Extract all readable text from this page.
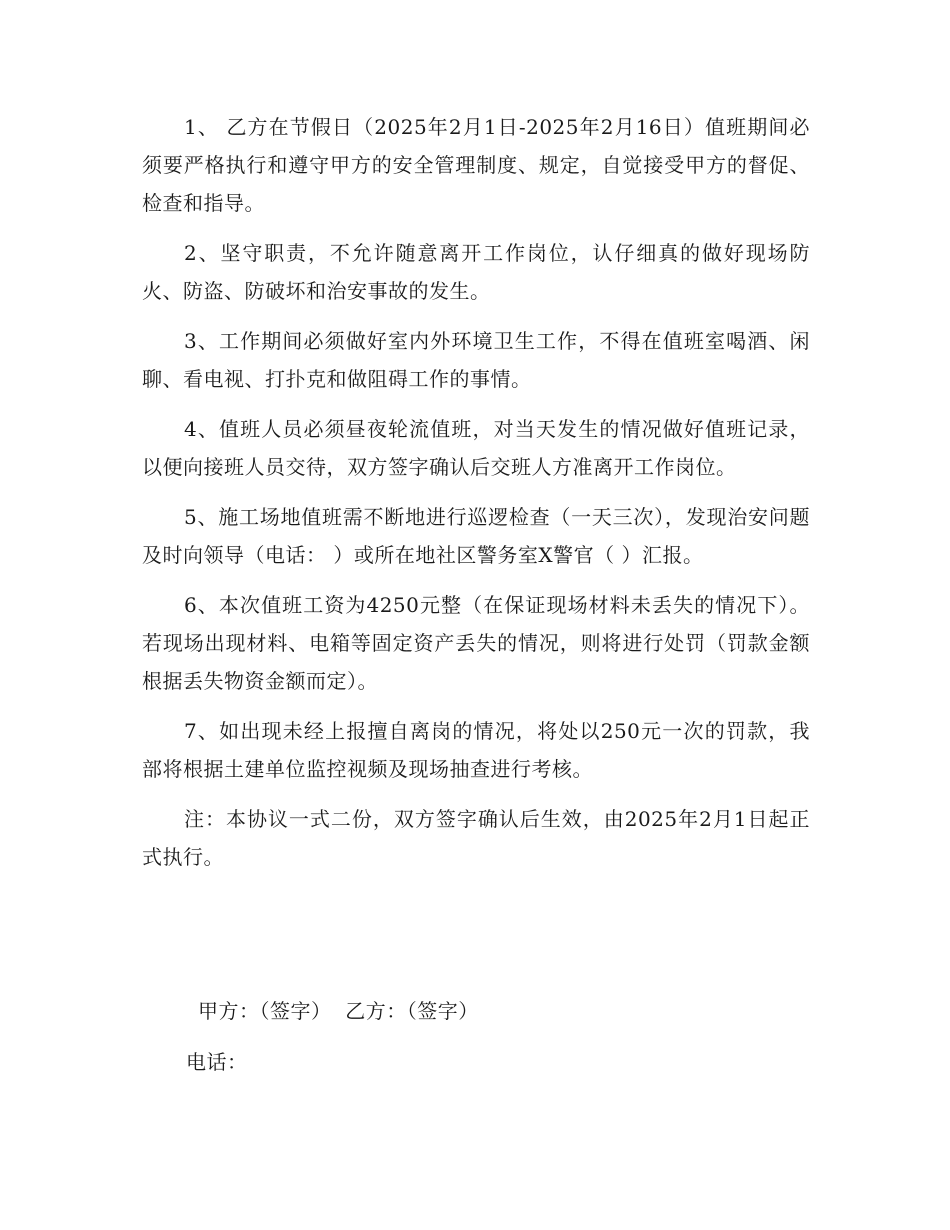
1、 乙方在节假日（2025年2月1日-2025年2月16日）值班期间必须要严格执行和遵守甲方的安全管理制度、规定，自觉接受甲方的督促、检查和指导。

2、坚守职责，不允许随意离开工作岗位，认仔细真的做好现场防火、防盗、防破坏和治安事故的发生。

3、工作期间必须做好室内外环境卫生工作，不得在值班室喝酒、闲聊、看电视、打扑克和做阻碍工作的事情。

4、值班人员必须昼夜轮流值班，对当天发生的情况做好值班记录，以便向接班人员交待，双方签字确认后交班人方准离开工作岗位。

5、施工场地值班需不断地进行巡逻检查（一天三次），发现治安问题及时向领导（电话： ）或所在地社区警务室X警官（ ）汇报。

6、本次值班工资为4250元整（在保证现场材料未丢失的情况下）。若现场出现材料、电箱等固定资产丢失的情况，则将进行处罚（罚款金额根据丢失物资金额而定）。

7、如出现未经上报擅自离岗的情况，将处以250元一次的罚款，我部将根据土建单位监控视频及现场抽查进行考核。

注：本协议一式二份，双方签字确认后生效，由2025年2月1日起正式执行。

甲方：（签字） 乙方：（签字）
电话：
